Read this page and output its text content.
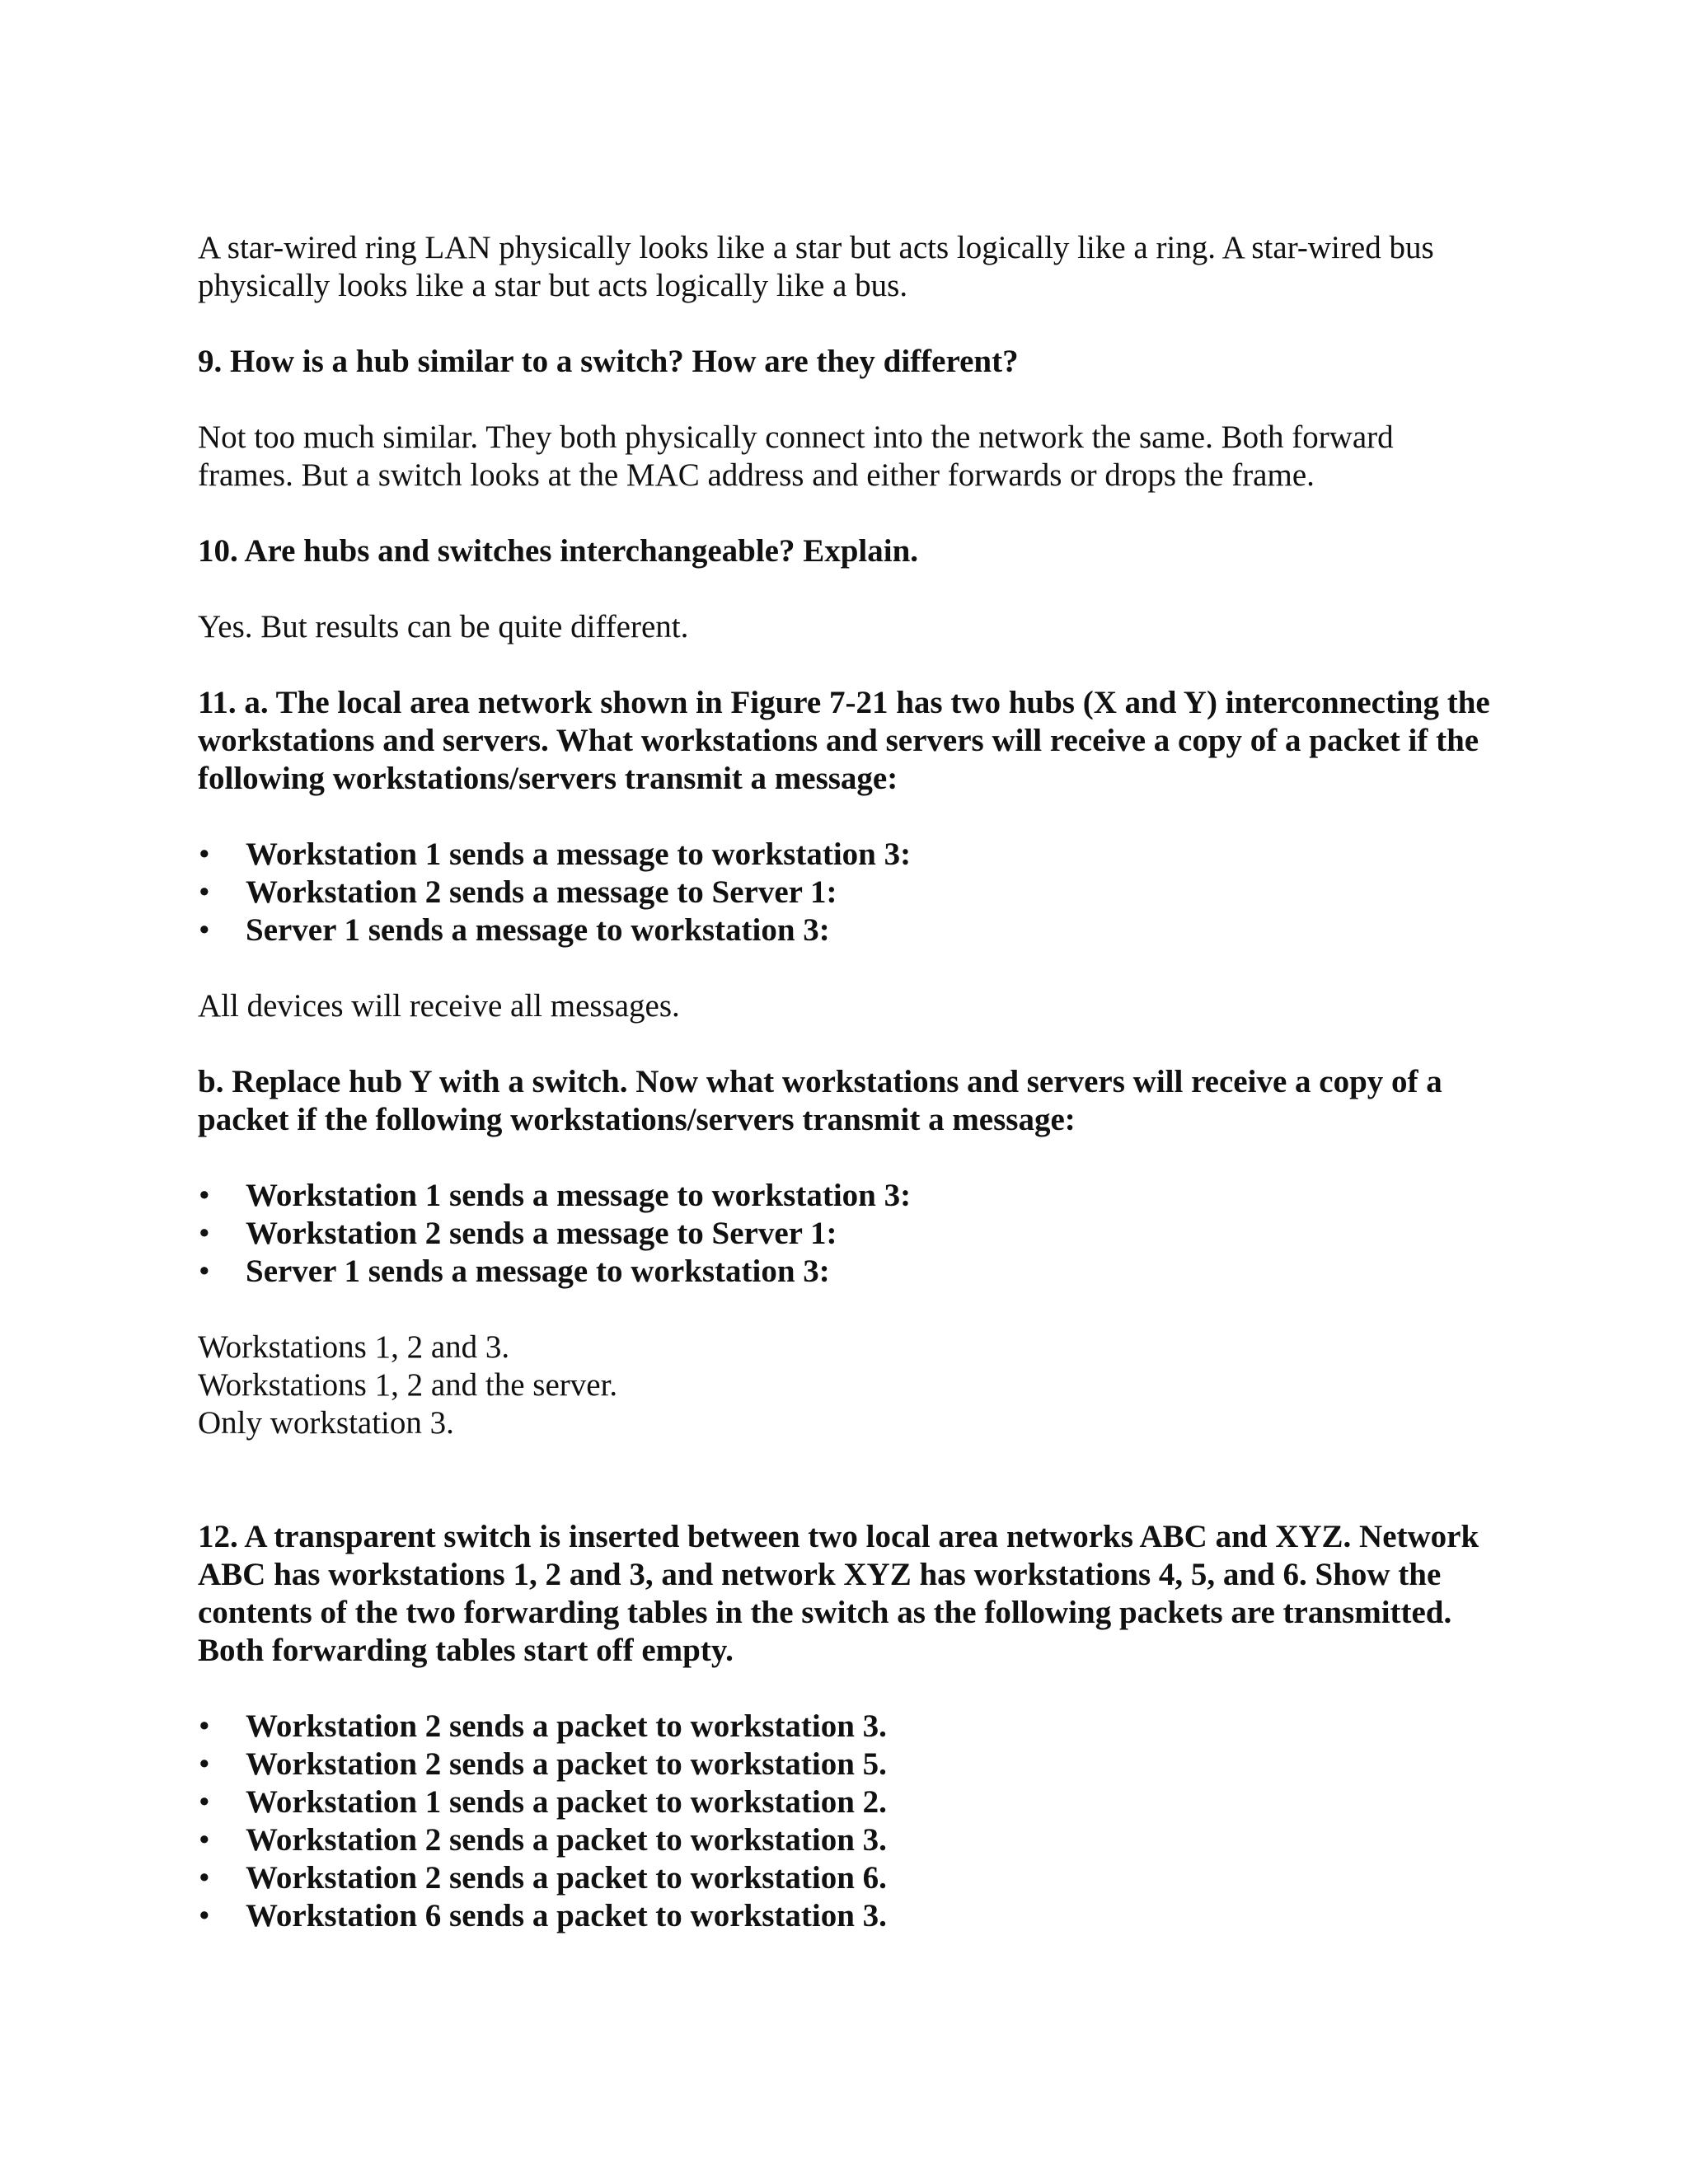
A star-wired ring LAN physically looks like a star but acts logically like a ring. A star-wired bus physically looks like a star but acts logically like a bus.

9. How is a hub similar to a switch? How are they different?

Not too much similar. They both physically connect into the network the same. Both forward frames. But a switch looks at the MAC address and either forwards or drops the frame.

10. Are hubs and switches interchangeable? Explain.

Yes. But results can be quite different.

11. a. The local area network shown in Figure 7-21 has two hubs (X and Y) interconnecting the workstations and servers. What workstations and servers will receive a copy of a packet if the following workstations/servers transmit a message:
• Workstation 1 sends a message to workstation 3:
• Workstation 2 sends a message to Server 1:
• Server 1 sends a message to workstation 3:

All devices will receive all messages.

b. Replace hub Y with a switch. Now what workstations and servers will receive a copy of a packet if the following workstations/servers transmit a message:
• Workstation 1 sends a message to workstation 3:
• Workstation 2 sends a message to Server 1:
• Server 1 sends a message to workstation 3:

Workstations 1, 2 and 3.

Workstations 1, 2 and the server.

Only workstation 3.

12. A transparent switch is inserted between two local area networks ABC and XYZ. Network ABC has workstations 1, 2 and 3, and network XYZ has workstations 4, 5, and 6. Show the contents of the two forwarding tables in the switch as the following packets are transmitted. Both forwarding tables start off empty.
• Workstation 2 sends a packet to workstation 3.
• Workstation 2 sends a packet to workstation 5.
• Workstation 1 sends a packet to workstation 2.
• Workstation 2 sends a packet to workstation 3.
• Workstation 2 sends a packet to workstation 6.
• Workstation 6 sends a packet to workstation 3.
